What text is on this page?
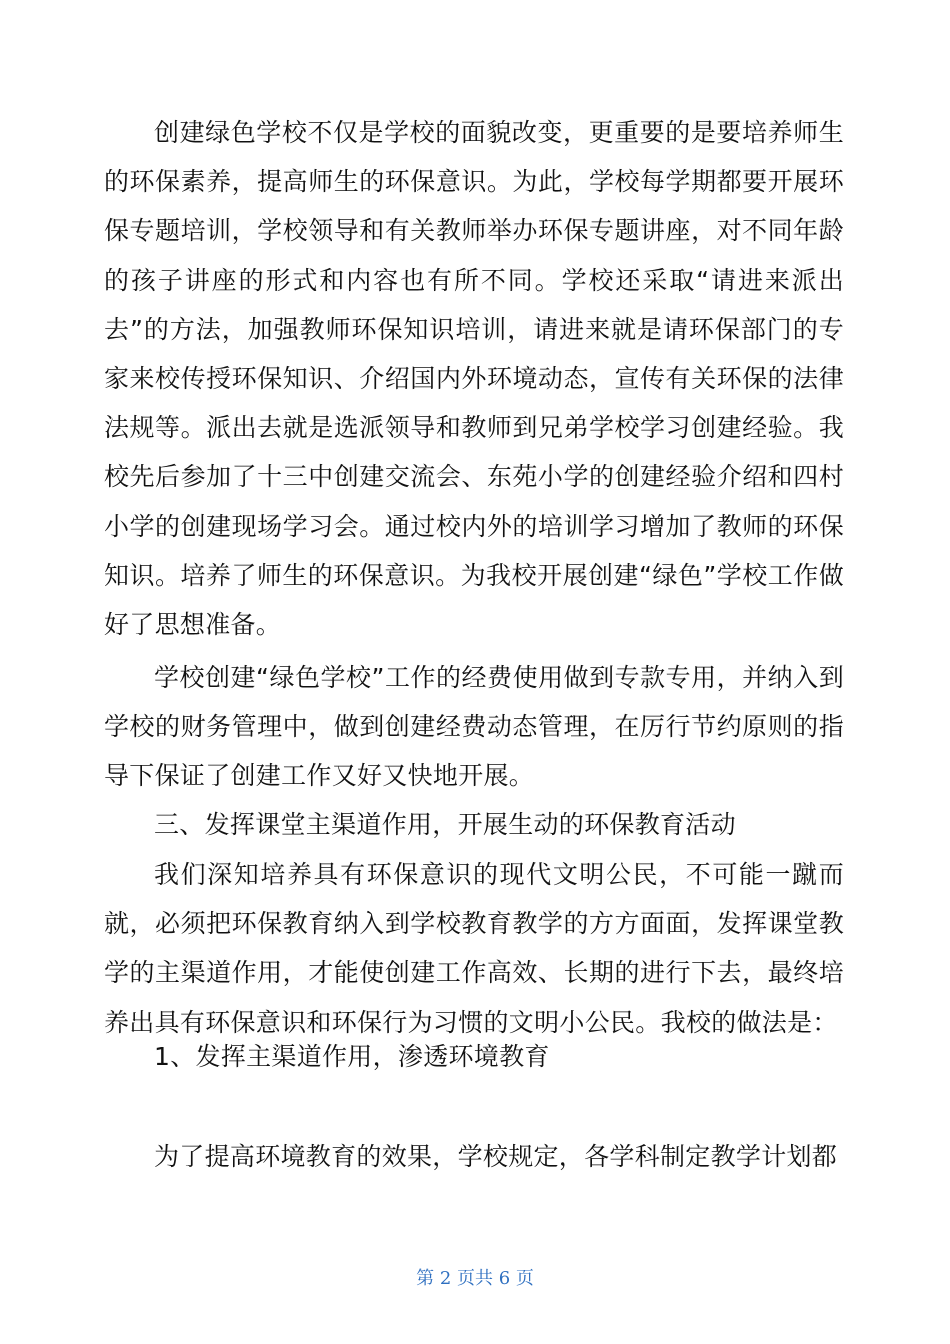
创建绿色学校不仅是学校的面貌改变，更重要的是要培养师生的环保素养，提高师生的环保意识。为此，学校每学期都要开展环保专题培训，学校领导和有关教师举办环保专题讲座，对不同年龄的孩子讲座的形式和内容也有所不同。学校还采取“请进来派出去”的方法，加强教师环保知识培训，请进来就是请环保部门的专家来校传授环保知识、介绍国内外环境动态，宣传有关环保的法律法规等。派出去就是选派领导和教师到兄弟学校学习创建经验。我校先后参加了十三中创建交流会、东苑小学的创建经验介绍和四村小学的创建现场学习会。通过校内外的培训学习增加了教师的环保知识。培养了师生的环保意识。为我校开展创建“绿色”学校工作做好了思想准备。

学校创建“绿色学校”工作的经费使用做到专款专用，并纳入到学校的财务管理中，做到创建经费动态管理，在厉行节约原则的指导下保证了创建工作又好又快地开展。

三、发挥课堂主渠道作用，开展生动的环保教育活动

我们深知培养具有环保意识的现代文明公民，不可能一蹴而就，必须把环保教育纳入到学校教育教学的方方面面，发挥课堂教学的主渠道作用，才能使创建工作高效、长期的进行下去，最终培养出具有环保意识和环保行为习惯的文明小公民。我校的做法是：

1、发挥主渠道作用，渗透环境教育

为了提高环境教育的效果，学校规定，各学科制定教学计划都

第 2 页共 6 页
